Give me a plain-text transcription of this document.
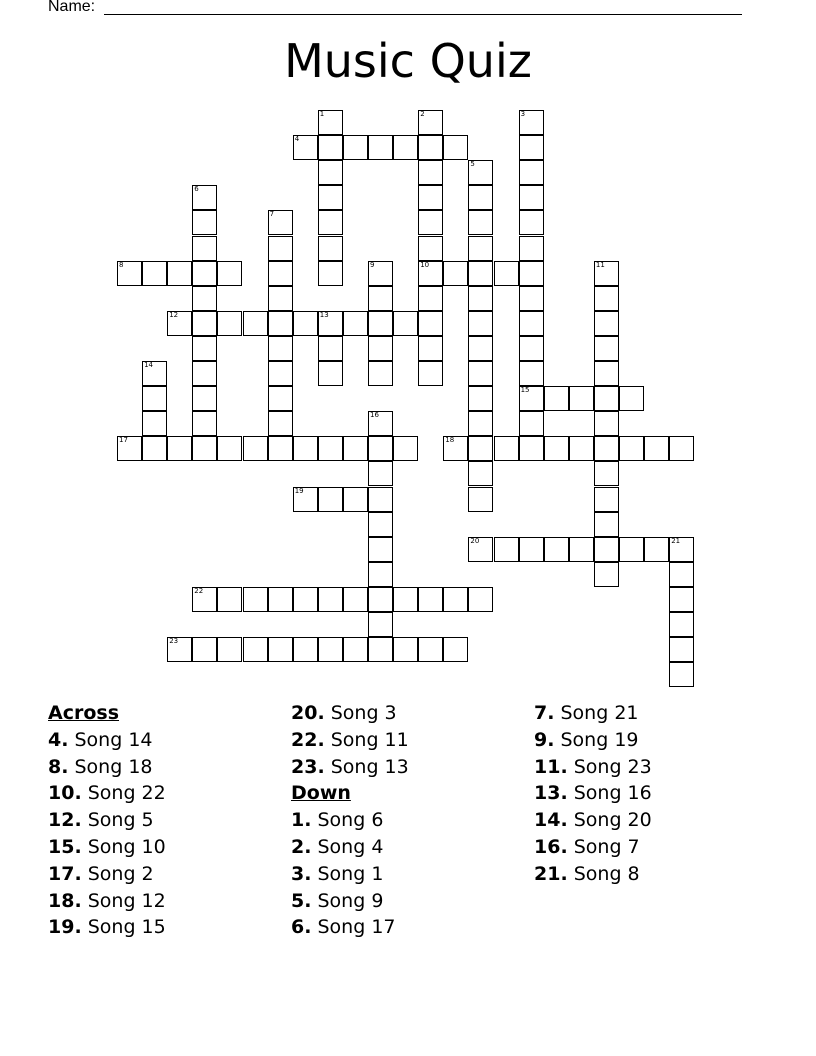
Name:
Music Quiz
4
8	10
12	13
15
17	18
19
20	21
22
23
1	2	3
5
6
7
9	11
14
16
Across
4. Song 14
8. Song 18
10. Song 22
12. Song 5
15. Song 10
17. Song 2
18. Song 12
19. Song 15
20. Song 3
22. Song 11
23. Song 13
Down
1. Song 6
2. Song 4
3. Song 1
5. Song 9
6. Song 17
7. Song 21
9. Song 19
11. Song 23
13. Song 16
14. Song 20
16. Song 7
21. Song 8
